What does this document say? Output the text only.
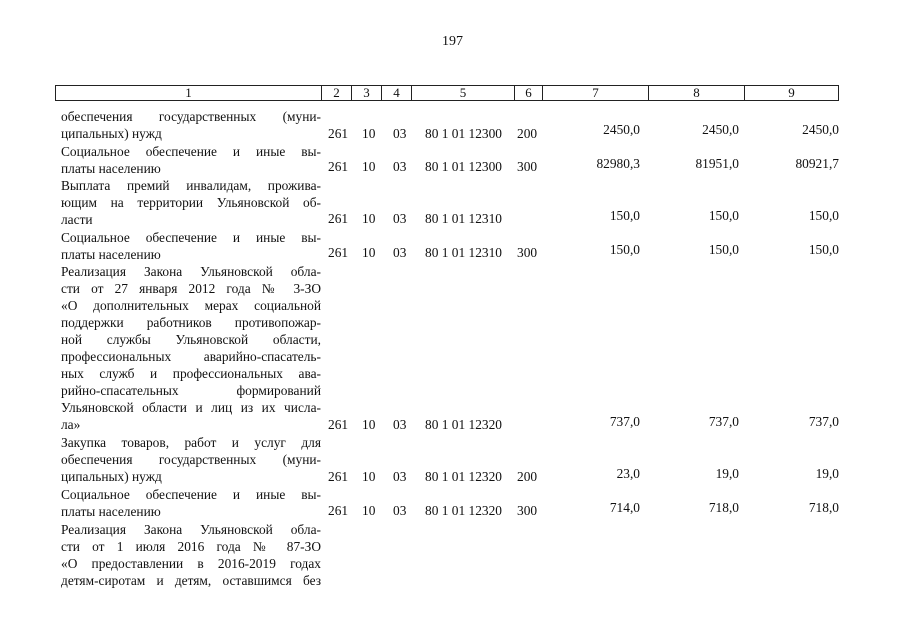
197
1	2	3	4	5	6	7	8	9
обеспечения государственных (муни-
ципальных) нужд	261 10 03 80 1 01 12300 200	2450,0	2450,0	2450,0
Социальное обеспечение и иные вы-
платы населению	261 10 03 80 1 01 12300 300	82980,3	81951,0	80921,7
Выплата премий инвалидам, прожива-
ющим на территории Ульяновской об-
ласти	261 10 03 80 1 01 12310	150,0	150,0	150,0
Социальное обеспечение и иные вы-
платы населению	261 10 03 80 1 01 12310 300	150,0	150,0	150,0
Реализация Закона Ульяновской обла-
сти от 27 января 2012 года № 3-ЗО
«О дополнительных мерах социальной
поддержки работников противопожар-
ной службы Ульяновской области,
профессиональных аварийно-спасатель-
ных служб и профессиональных ава-
рийно-спасательных формирований
Ульяновской области и лиц из их числа-
ла»	261 10 03 80 1 01 12320	737,0	737,0	737,0
Закупка товаров, работ и услуг для
обеспечения государственных (муни-
ципальных) нужд	261 10 03 80 1 01 12320 200	23,0	19,0	19,0
Социальное обеспечение и иные вы-
платы населению	261 10 03 80 1 01 12320 300	714,0	718,0	718,0
Реализация Закона Ульяновской обла-
сти от 1 июля 2016 года № 87-ЗО
«О предоставлении в 2016-2019 годах
детям-сиротам и детям, оставшимся без
